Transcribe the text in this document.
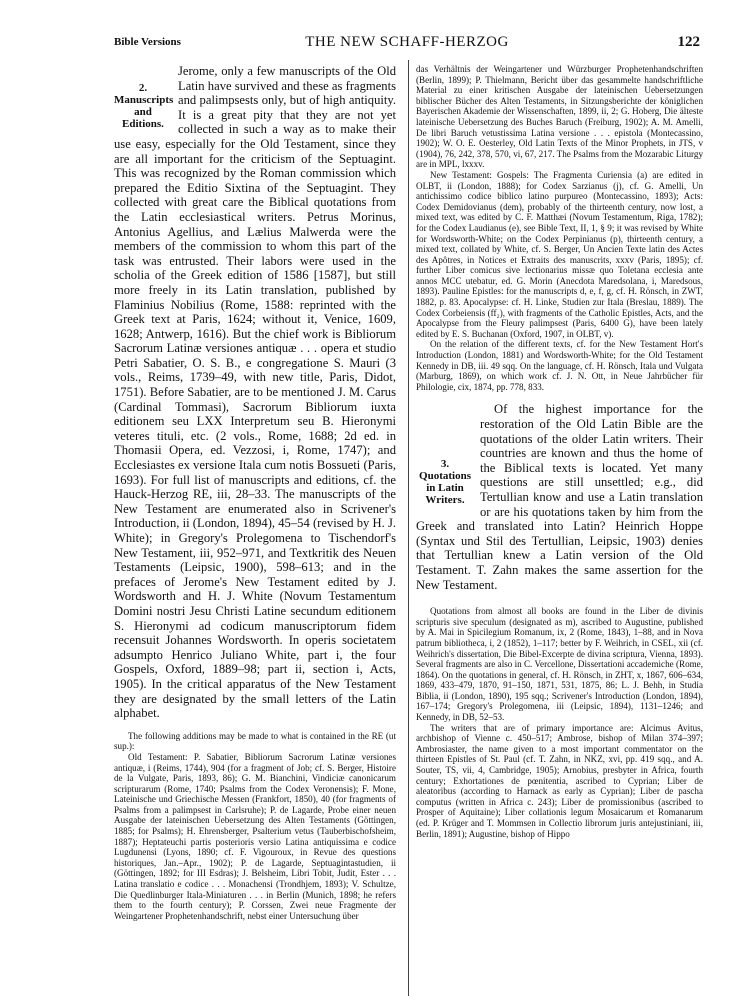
Bible Versions	THE NEW SCHAFF-HERZOG	122
2. Manuscripts and Editions.

Jerome, only a few manuscripts of the Old Latin have survived and these as fragments and palimpsests only, but of high antiquity. It is a great pity that they are not yet collected in such a way as to make their use easy, especially for the Old Testament, since they are all important for the criticism of the Septuagint. This was recognized by the Roman commission which prepared the Editio Sixtina of the Septuagint. They collected with great care the Biblical quotations from the Latin ecclesiastical writers. Petrus Morinus, Antonius Agellius, and Lælius Malwerda were the members of the commission to whom this part of the task was entrusted. Their labors were used in the scholia of the Greek edition of 1586 [1587], but still more freely in its Latin translation, published by Flaminius Nobilius (Rome, 1588: reprinted with the Greek text at Paris, 1624; without it, Venice, 1609, 1628; Antwerp, 1616). But the chief work is Bibliorum Sacrorum Latinæ versiones antiquæ . . . opera et studio Petri Sabatier, O. S. B., e congregatione S. Mauri (3 vols., Reims, 1739–49, with new title, Paris, Didot, 1751). Before Sabatier, are to be mentioned J. M. Carus (Cardinal Tommasi), Sacrorum Bibliorum iuxta editionem seu LXX Interpretum seu B. Hieronymi veteres tituli, etc. (2 vols., Rome, 1688; 2d ed. in Thomasii Opera, ed. Vezzosi, i, Rome, 1747); and Ecclesiastes ex versione Itala cum notis Bossueti (Paris, 1693). For full list of manuscripts and editions, cf. the Hauck-Herzog RE, iii, 28–33. The manuscripts of the New Testament are enumerated also in Scrivener's Introduction, ii (London, 1894), 45–54 (revised by H. J. White); in Gregory's Prolegomena to Tischendorf's New Testament, iii, 952–971, and Textkritik des Neuen Testaments (Leipsic, 1900), 598–613; and in the prefaces of Jerome's New Testament edited by J. Wordsworth and H. J. White (Novum Testamentum Domini nostri Jesu Christi Latine secundum editionem S. Hieronymi ad codicum manuscriptorum fidem recensuit Johannes Wordsworth. In operis societatem adsumpto Henrico Juliano White, part i, the four Gospels, Oxford, 1889–98; part ii, section i, Acts, 1905). In the critical apparatus of the New Testament they are designated by the small letters of the Latin alphabet.

The following additions may be made to what is contained in the RE (ut sup.):

Old Testament: P. Sabatier, Bibliorum Sacrorum Latinæ versiones antiquæ, i (Reims, 1744), 904 (for a fragment of Job; cf. S. Berger, Histoire de la Vulgate, Paris, 1893, 86); G. M. Bianchini, Vindiciæ canonicarum scripturarum (Rome, 1740; Psalms from the Codex Veronensis); F. Mone, Lateinische und Griechische Messen (Frankfort, 1850), 40 (for fragments of Psalms from a palimpsest in Carlsruhe); P. de Lagarde, Probe einer neuen Ausgabe der lateinischen Uebersetzung des Alten Testaments (Göttingen, 1885; for Psalms); H. Ehrensberger, Psalterium vetus (Tauberbischofsheim, 1887); Heptateuchi partis posterioris versio Latina antiquissima e codice Lugdunensi (Lyons, 1890; cf. F. Vigouroux, in Revue des questions historiques, Jan.–Apr., 1902); P. de Lagarde, Septuagintastudien, ii (Göttingen, 1892; for III Esdras); J. Belsheim, Libri Tobit, Judit, Ester . . . Latina translatio e codice . . . Monachensi (Trondhjem, 1893); V. Schultze, Die Quedlinburger Itala-Miniaturen . . . in Berlin (Munich, 1898; he refers them to the fourth century); P. Corssen, Zwei neue Fragmente der Weingartener Prophetenhandschrift, nebst einer Untersuchung über

das Verhältnis der Weingartener und Würzburger Prophetenhandschriften (Berlin, 1899); P. Thielmann, Bericht über das gesammelte handschriftliche Material zu einer kritischen Ausgabe der lateinischen Uebersetzungen biblischer Bücher des Alten Testaments, in Sitzungsberichte der königlichen Bayerischen Akademie der Wissenschaften, 1899, ii, 2; G. Hoberg, Die älteste lateinische Uebersetzung des Buches Baruch (Freiburg, 1902); A. M. Amelli, De libri Baruch vetustissima Latina versione . . . epistola (Montecassino, 1902); W. O. E. Oesterley, Old Latin Texts of the Minor Prophets, in JTS, v (1904), 76, 242, 378, 570, vi, 67, 217. The Psalms from the Mozarabic Liturgy are in MPL, lxxxv.

New Testament: Gospels: The Fragmenta Curiensia (a) are edited in OLBT, ii (London, 1888); for Codex Sarzianus (j), cf. G. Amelli, Un antichissimo codice biblico latino purpureo (Montecassino, 1893); Acts: Codex Demidovianus (dem), probably of the thirteenth century, now lost, a mixed text, was edited by C. F. Matthæi (Novum Testamentum, Riga, 1782); for the Codex Laudianus (e), see Bible Text, II, 1, § 9; it was revised by White for Wordsworth-White; on the Codex Perpinianus (p), thirteenth century, a mixed text, collated by White, cf. S. Berger, Un Ancien Texte latin des Actes des Apôtres, in Notices et Extraits des manuscrits, xxxv (Paris, 1895); cf. further Liber comicus sive lectionarius missæ quo Toletana ecclesia ante annos MCC utebatur, ed. G. Morin (Anecdota Maredsolana, i, Maredsous, 1893). Pauline Epistles: for the manuscripts d, e, f, g, cf. H. Rönsch, in ZWT, 1882, p. 83. Apocalypse: cf. H. Linke, Studien zur Itala (Breslau, 1889). The Codex Corbeiensis (ff₂), with fragments of the Catholic Epistles, Acts, and the Apocalypse from the Fleury palimpsest (Paris, 6400 G), have been lately edited by E. S. Buchanan (Oxford, 1907, in OLBT, v).

On the relation of the different texts, cf. for the New Testament Hort's Introduction (London, 1881) and Wordsworth-White; for the Old Testament Kennedy in DB, iii. 49 sqq. On the language, cf. H. Rönsch, Itala und Vulgata (Marburg, 1869), on which work cf. J. N. Ott, in Neue Jahrbücher für Philologie, cix, 1874, pp. 778, 833.

3. Quotations in Latin Writers.

Of the highest importance for the restoration of the Old Latin Bible are the quotations of the older Latin writers. Their countries are known and thus the home of the Biblical texts is located. Yet many questions are still unsettled; e.g., did Tertullian know and use a Latin translation or are his quotations taken by him from the Greek and translated into Latin? Heinrich Hoppe (Syntax und Stil des Tertullian, Leipsic, 1903) denies that Tertullian knew a Latin version of the Old Testament. T. Zahn makes the same assertion for the New Testament.

Quotations from almost all books are found in the Liber de divinis scripturis sive speculum (designated as m), ascribed to Augustine, published by A. Mai in Spicilegium Romanum, ix, 2 (Rome, 1843), 1–88, and in Nova patrum bibliotheca, i, 2 (1852), 1–117; better by F. Weihrich, in CSEL, xii (cf. Weihrich's dissertation, Die Bibel-Excerpte de divina scriptura, Vienna, 1893). Several fragments are also in C. Vercellone, Dissertationi accademiche (Rome, 1864). On the quotations in general, cf. H. Rönsch, in ZHT, x, 1867, 606–634, 1869, 433–479, 1870, 91–150, 1871, 531, 1875, 86; L. J. Behh, in Studia Biblia, ii (London, 1890), 195 sqq.; Scrivener's Introduction (London, 1894), 167–174; Gregory's Prolegomena, iii (Leipsic, 1894), 1131–1246; and Kennedy, in DB, 52–53.

The writers that are of primary importance are: Alcimus Avitus, archbishop of Vienne c. 450–517; Ambrose, bishop of Milan 374–397; Ambrosiaster, the name given to a most important commentator on the thirteen Epistles of St. Paul (cf. T. Zahn, in NKZ, xvi, pp. 419 sqq., and A. Souter, TS, vii, 4, Cambridge, 1905); Arnobius, presbyter in Africa, fourth century; Exhortationes de pœnitentia, ascribed to Cyprian; Liber de aleatoribus (according to Harnack as early as Cyprian); Liber de pascha computus (written in Africa c. 243); Liber de promissionibus (ascribed to Prosper of Aquitaine); Liber collationis legum Mosaicarum et Romanarum (ed. P. Krüger and T. Mommsen in Collectio librorum juris antejustiniani, iii, Berlin, 1891); Augustine, bishop of Hippo
